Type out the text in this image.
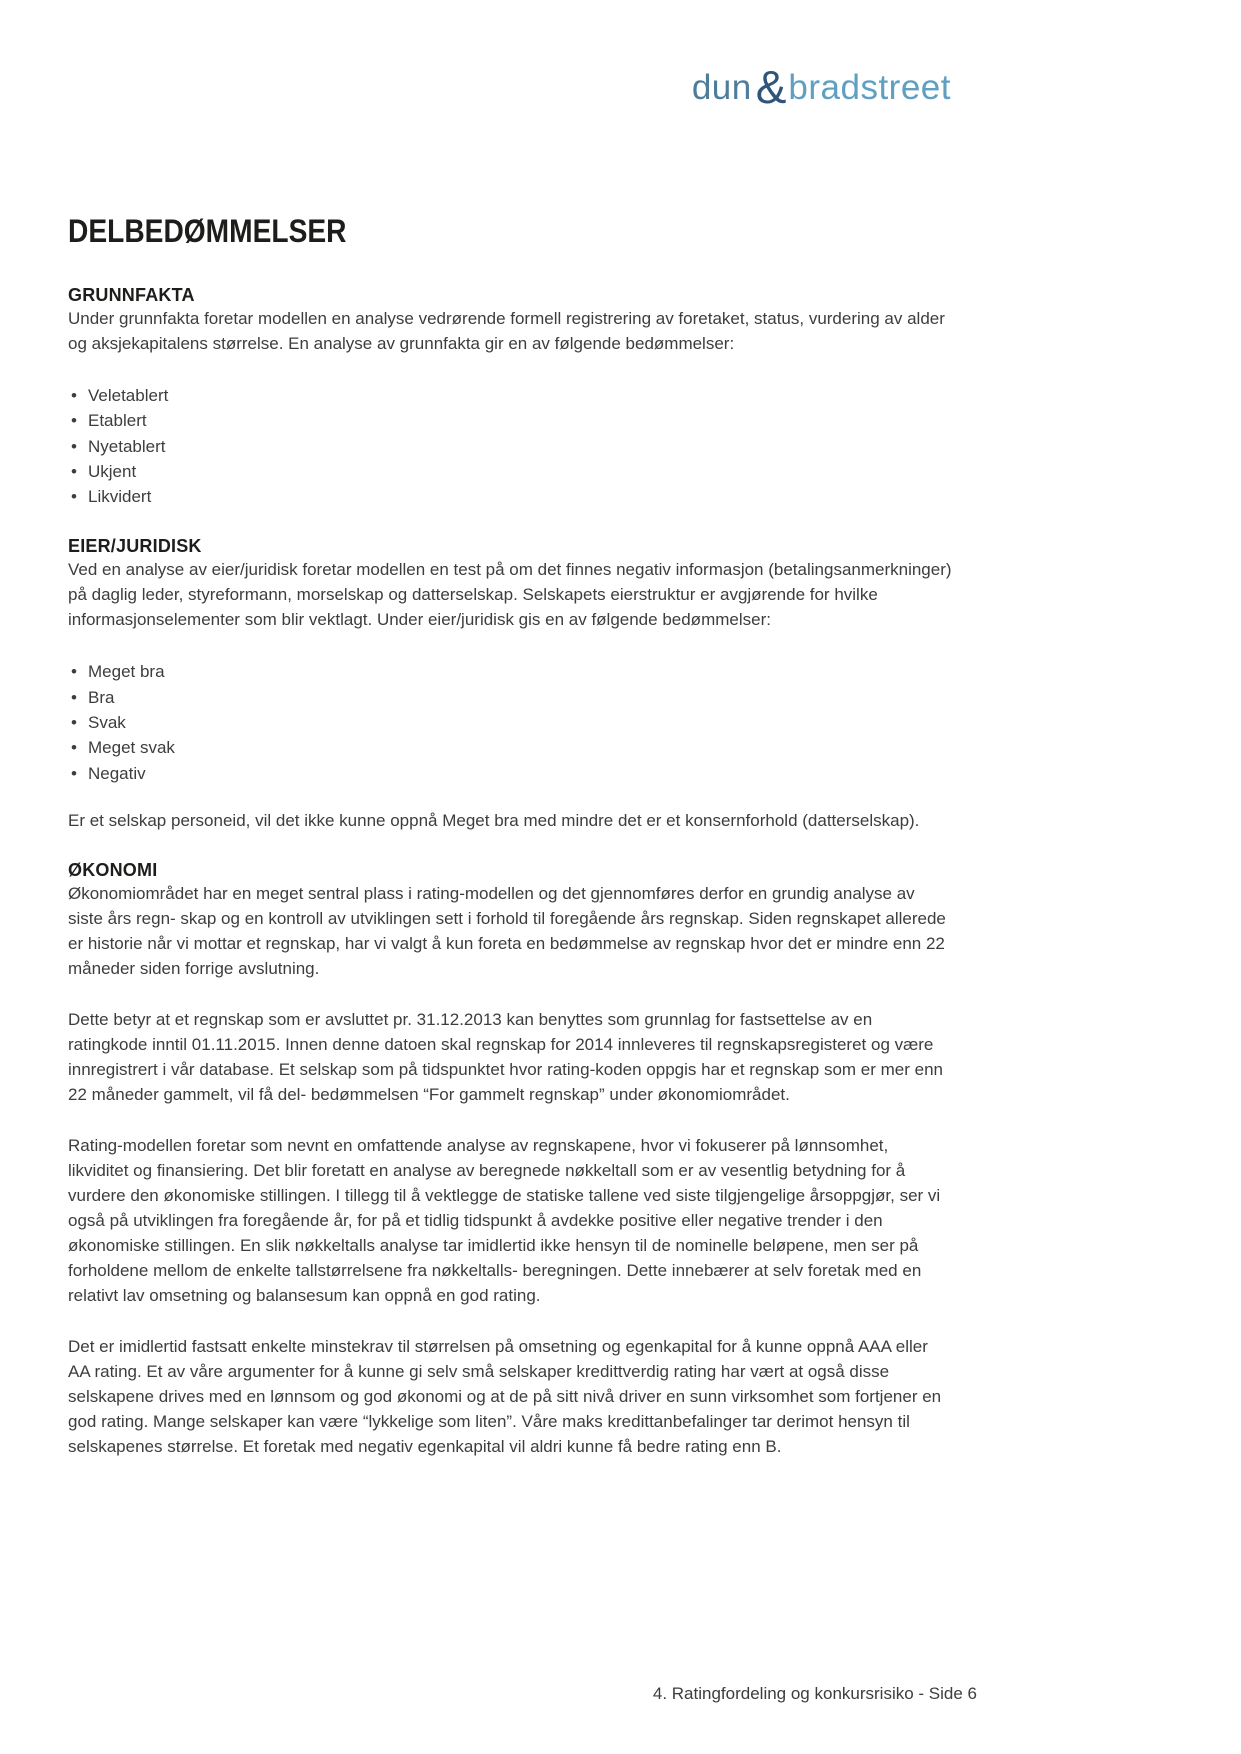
dun & bradstreet
DELBEDØMMELSER
GRUNNFAKTA

Under grunnfakta foretar modellen en analyse vedrørende formell registrering av foretaket, status, vurdering av alder og aksjekapitalens størrelse. En analyse av grunnfakta gir en av følgende bedømmelser:

• Veletablert
• Etablert
• Nyetablert
• Ukjent
• Likvidert
EIER/JURIDISK

Ved en analyse av eier/juridisk foretar modellen en test på om det finnes negativ informasjon (betalingsanmerkninger) på daglig leder, styreformann, morselskap og datterselskap. Selskapets eierstruktur er avgjørende for hvilke informasjonselementer som blir vektlagt. Under eier/juridisk gis en av følgende bedømmelser:

• Meget bra
• Bra
• Svak
• Meget svak
• Negativ

Er et selskap personeid, vil det ikke kunne oppnå Meget bra med mindre det er et konsernforhold (datterselskap).

ØKONOMI

Økonomiområdet har en meget sentral plass i rating-modellen og det gjennomføres derfor en grundig analyse av siste års regn- skap og en kontroll av utviklingen sett i forhold til foregående års regnskap. Siden regnskapet allerede er historie når vi mottar et regnskap, har vi valgt å kun foreta en bedømmelse av regnskap hvor det er mindre enn 22 måneder siden forrige avslutning.

Dette betyr at et regnskap som er avsluttet pr. 31.12.2013 kan benyttes som grunnlag for fastsettelse av en ratingkode inntil 01.11.2015. Innen denne datoen skal regnskap for 2014 innleveres til regnskapsregisteret og være innregistrert i vår database. Et selskap som på tidspunktet hvor rating-koden oppgis har et regnskap som er mer enn 22 måneder gammelt, vil få del- bedømmelsen “For gammelt regnskap” under økonomiområdet.

Rating-modellen foretar som nevnt en omfattende analyse av regnskapene, hvor vi fokuserer på lønnsomhet, likviditet og finansiering. Det blir foretatt en analyse av beregnede nøkkeltall som er av vesentlig betydning for å vurdere den økonomiske stillingen. I tillegg til å vektlegge de statiske tallene ved siste tilgjengelige årsoppgjør, ser vi også på utviklingen fra foregående år, for på et tidlig tidspunkt å avdekke positive eller negative trender i den økonomiske stillingen. En slik nøkkeltalls analyse tar imidlertid ikke hensyn til de nominelle beløpene, men ser på forholdene mellom de enkelte tallstørrelsene fra nøkkeltalls- beregningen. Dette innebærer at selv foretak med en relativt lav omsetning og balansesum kan oppnå en god rating.

Det er imidlertid fastsatt enkelte minstekrav til størrelsen på omsetning og egenkapital for å kunne oppnå AAA eller AA rating. Et av våre argumenter for å kunne gi selv små selskaper kredittverdig rating har vært at også disse selskapene drives med en lønnsom og god økonomi og at de på sitt nivå driver en sunn virksomhet som fortjener en god rating. Mange selskaper kan være “lykkelige som liten”. Våre maks kredittanbefalinger tar derimot hensyn til selskapenes størrelse. Et foretak med negativ egenkapital vil aldri kunne få bedre rating enn B.

4. Ratingfordeling og konkursrisiko - Side 6
